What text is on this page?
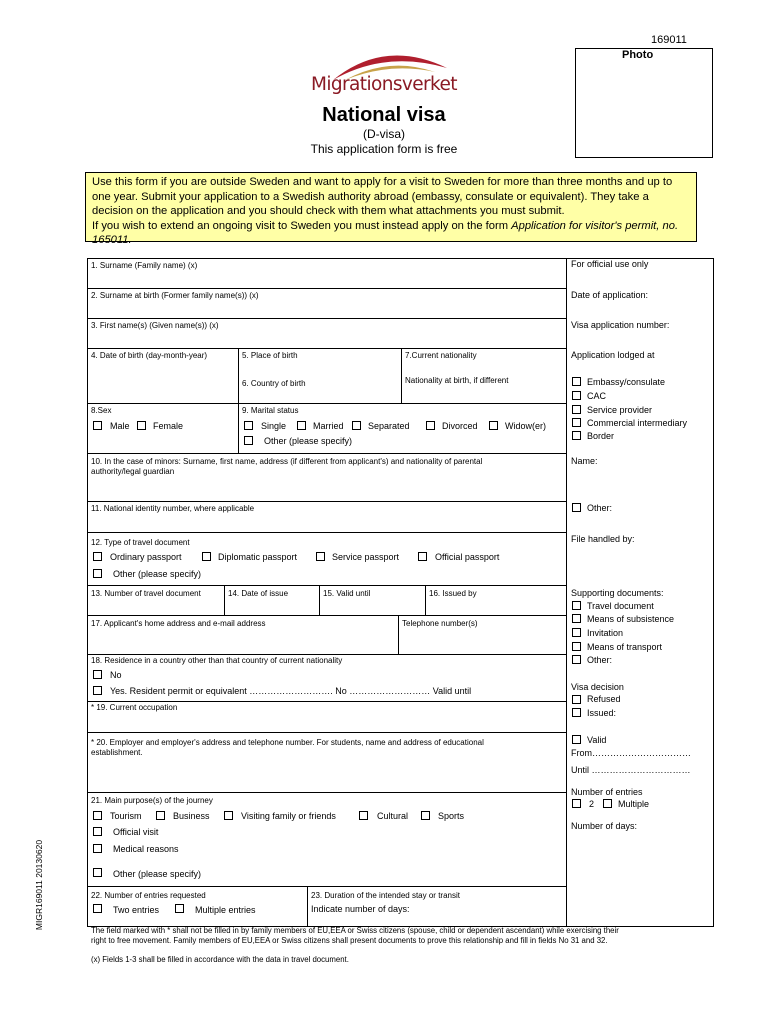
169011
Photo
Migrationsverket
National visa
(D-visa)
This application form is free

Use this form if you are outside Sweden and want to apply for a visit to Sweden for more than three months and up to one year. Submit your application to a Swedish authority abroad (embassy, consulate or equivalent). They take a decision on the application and you should check with them what attachments you must submit.

If you wish to extend an ongoing visit to Sweden you must instead apply on the form Application for visitor's permit, no. 165011.

1. Surname (Family name) (x)
2. Surname at birth (Former family name(s)) (x)
3. First name(s) (Given name(s)) (x)
4. Date of birth (day-month-year)	5. Place of birth
6. Country of birth
7.Current nationality
Nationality at birth, if different
8.Sex
Male	Female
9. Marital status
Single	Married	Separated	Divorced	Widow(er)
Other (please specify)
10. In the case of minors: Surname, first name, address (if different from applicant's) and nationality of parental
authority/legal guardian
11. National identity number, where applicable
12. Type of travel document
Ordinary passport	Diplomatic passport	Service passport	Official passport
Other (please specify)
13. Number of travel document	14. Date of issue	15. Valid until	16. Issued by
17. Applicant's home address and e-mail address	Telephone number(s)
18. Residence in a country other than that country of current nationality
No
Yes. Resident permit or equivalent ………………………. No ……………………… Valid until
* 19. Current occupation
* 20. Employer and employer's address and telephone number. For students, name and address of educational
establishment.
21. Main purpose(s) of the journey
Tourism	Business	Visiting family or friends	Cultural	Sports
Official visit
Medical reasons
Other (please specify)
22. Number of entries requested
Two entries	Multiple entries
23. Duration of the intended stay or transit
Indicate number of days:
For official use only
Date of application:
Visa application number:
Application lodged at
Embassy/consulate
CAC
Service provider
Commercial intermediary
Border
Name:
Other:
File handled by:
Supporting documents:
Travel document
Means of subsistence
Invitation
Means of transport
Other:
Visa decision
Refused
Issued:
Valid
From……………………………
Until ……………………………
Number of entries
2	Multiple
Number of days:
The field marked with * shall not be filled in by family members of EU,EEA or Swiss citizens (spouse, child or dependent ascendant) while exercising their
right to free movement. Family members of EU,EEA or Swiss citizens shall present documents to prove this relationship and fill in fields No 31 and 32.
(x) Fields 1-3 shall be filled in accordance with the data in travel document.
MIGR169011 20130620
